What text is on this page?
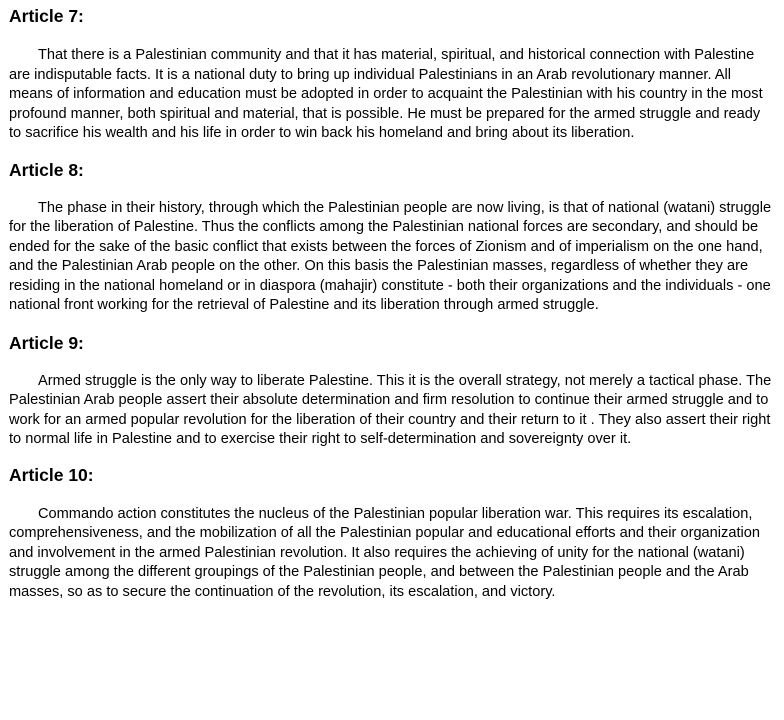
Article 7:

That there is a Palestinian community and that it has material, spiritual, and historical connection with Palestine are indisputable facts. It is a national duty to bring up individual Palestinians in an Arab revolutionary manner. All means of information and education must be adopted in order to acquaint the Palestinian with his country in the most profound manner, both spiritual and material, that is possible. He must be prepared for the armed struggle and ready to sacrifice his wealth and his life in order to win back his homeland and bring about its liberation.

Article 8:

The phase in their history, through which the Palestinian people are now living, is that of national (watani) struggle for the liberation of Palestine. Thus the conflicts among the Palestinian national forces are secondary, and should be ended for the sake of the basic conflict that exists between the forces of Zionism and of imperialism on the one hand, and the Palestinian Arab people on the other. On this basis the Palestinian masses, regardless of whether they are residing in the national homeland or in diaspora (mahajir) constitute - both their organizations and the individuals - one national front working for the retrieval of Palestine and its liberation through armed struggle.

Article 9:

Armed struggle is the only way to liberate Palestine. This it is the overall strategy, not merely a tactical phase. The Palestinian Arab people assert their absolute determination and firm resolution to continue their armed struggle and to work for an armed popular revolution for the liberation of their country and their return to it . They also assert their right to normal life in Palestine and to exercise their right to self-determination and sovereignty over it.

Article 10:

Commando action constitutes the nucleus of the Palestinian popular liberation war. This requires its escalation, comprehensiveness, and the mobilization of all the Palestinian popular and educational efforts and their organization and involvement in the armed Palestinian revolution. It also requires the achieving of unity for the national (watani) struggle among the different groupings of the Palestinian people, and between the Palestinian people and the Arab masses, so as to secure the continuation of the revolution, its escalation, and victory.
